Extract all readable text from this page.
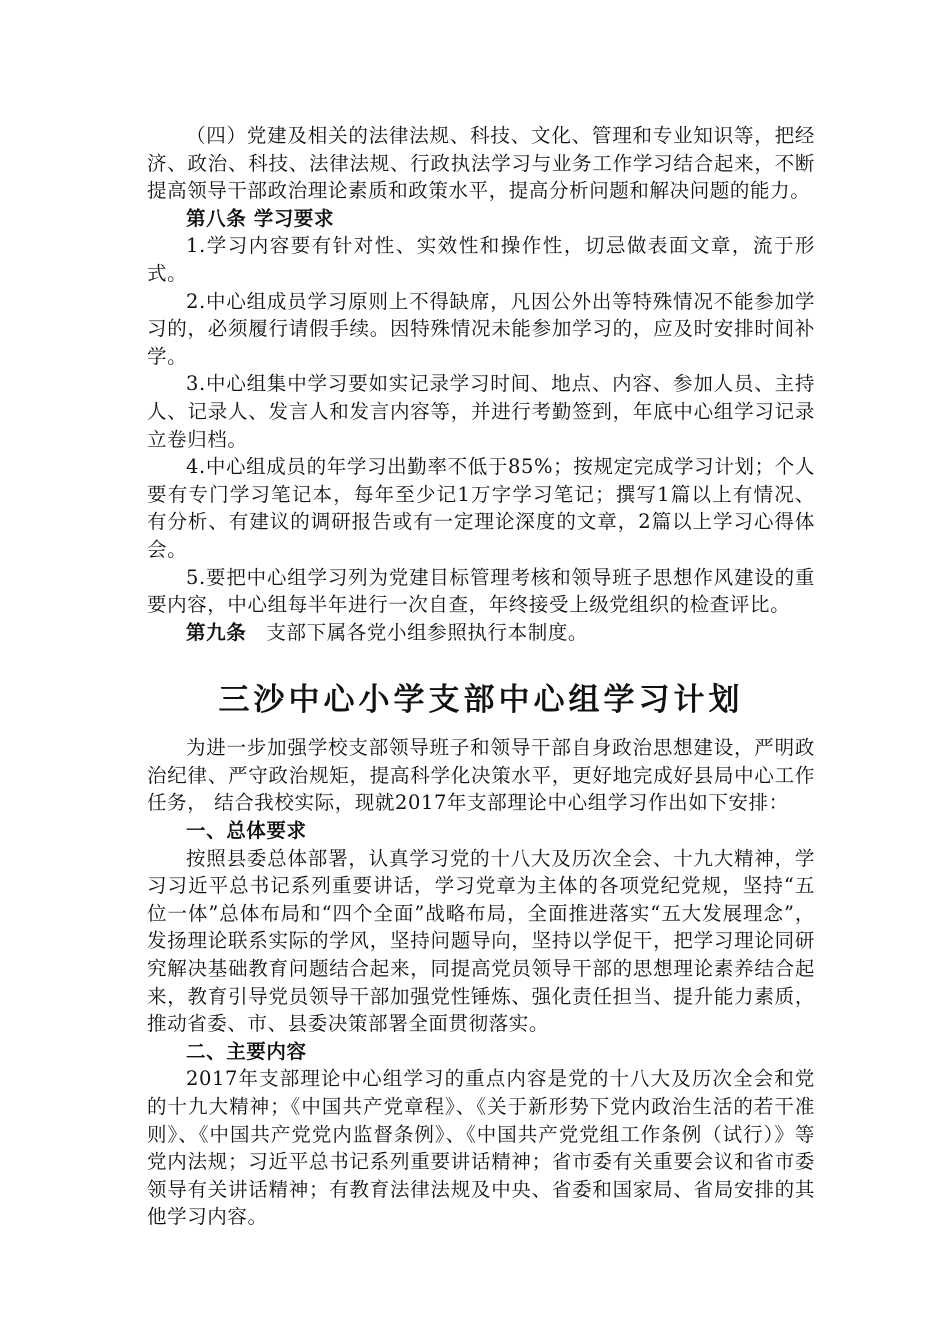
（四）党建及相关的法律法规、科技、文化、管理和专业知识等，把经济、政治、科技、法律法规、行政执法学习与业务工作学习结合起来，不断提高领导干部政治理论素质和政策水平，提高分析问题和解决问题的能力。

第八条 学习要求

1.学习内容要有针对性、实效性和操作性，切忌做表面文章，流于形式。

2.中心组成员学习原则上不得缺席，凡因公外出等特殊情况不能参加学习的，必须履行请假手续。因特殊情况未能参加学习的，应及时安排时间补学。

3.中心组集中学习要如实记录学习时间、地点、内容、参加人员、主持人、记录人、发言人和发言内容等，并进行考勤签到，年底中心组学习记录立卷归档。

4.中心组成员的年学习出勤率不低于85%；按规定完成学习计划；个人要有专门学习笔记本，每年至少记1万字学习笔记；撰写1篇以上有情况、有分析、有建议的调研报告或有一定理论深度的文章，2篇以上学习心得体会。

5.要把中心组学习列为党建目标管理考核和领导班子思想作风建设的重要内容，中心组每半年进行一次自查，年终接受上级党组织的检查评比。

第九条　支部下属各党小组参照执行本制度。

三沙中心小学支部中心组学习计划

为进一步加强学校支部领导班子和领导干部自身政治思想建设，严明政治纪律、严守政治规矩，提高科学化决策水平，更好地完成好县局中心工作任务， 结合我校实际，现就2017年支部理论中心组学习作出如下安排：

一、总体要求

按照县委总体部署，认真学习党的十八大及历次全会、十九大精神，学习习近平总书记系列重要讲话，学习党章为主体的各项党纪党规，坚持“五位一体”总体布局和“四个全面”战略布局，全面推进落实“五大发展理念”，发扬理论联系实际的学风，坚持问题导向，坚持以学促干，把学习理论同研究解决基础教育问题结合起来，同提高党员领导干部的思想理论素养结合起来，教育引导党员领导干部加强党性锤炼、强化责任担当、提升能力素质，推动省委、市、县委决策部署全面贯彻落实。

二、主要内容

2017年支部理论中心组学习的重点内容是党的十八大及历次全会和党的十九大精神；《中国共产党章程》、《关于新形势下党内政治生活的若干准则》、《中国共产党党内监督条例》、《中国共产党党组工作条例（试行）》等党内法规；习近平总书记系列重要讲话精神；省市委有关重要会议和省市委领导有关讲话精神；有教育法律法规及中央、省委和国家局、省局安排的其他学习内容。
